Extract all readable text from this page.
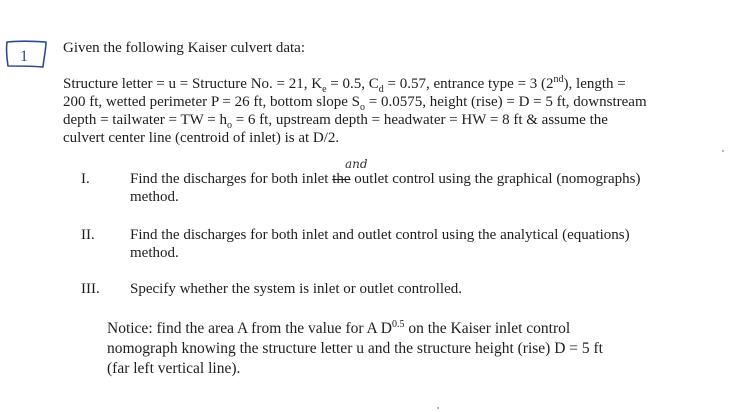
1 Given the following Kaiser culvert data:
Structure letter = u = Structure No. = 21, $K_e = 0.5$, $C_d = 0.57$, entrance type = 3 (2nd), length =
200 ft, wetted perimeter P = 26 ft, bottom slope $S_o = 0.0575$, height (rise) = D = 5 ft, downstream
depth = tailwater = TW = $h_o = 6$ ft, upstream depth = headwater = HW = 8 ft & assume the
culvert center line (centroid of inlet) is at D/2.
and
I.	Find the discharges for both inlet the outlet control using the graphical (nomographs)
method.
II. Find the discharges for both inlet and outlet control using the analytical (equations)
method.
III. Specify whether the system is inlet or outlet controlled.
Notice: find the area A from the value for A $D^{0.5}$ on the Kaiser inlet control
nomograph knowing the structure letter u and the structure height (rise) D = 5 ft
(far left vertical line).
